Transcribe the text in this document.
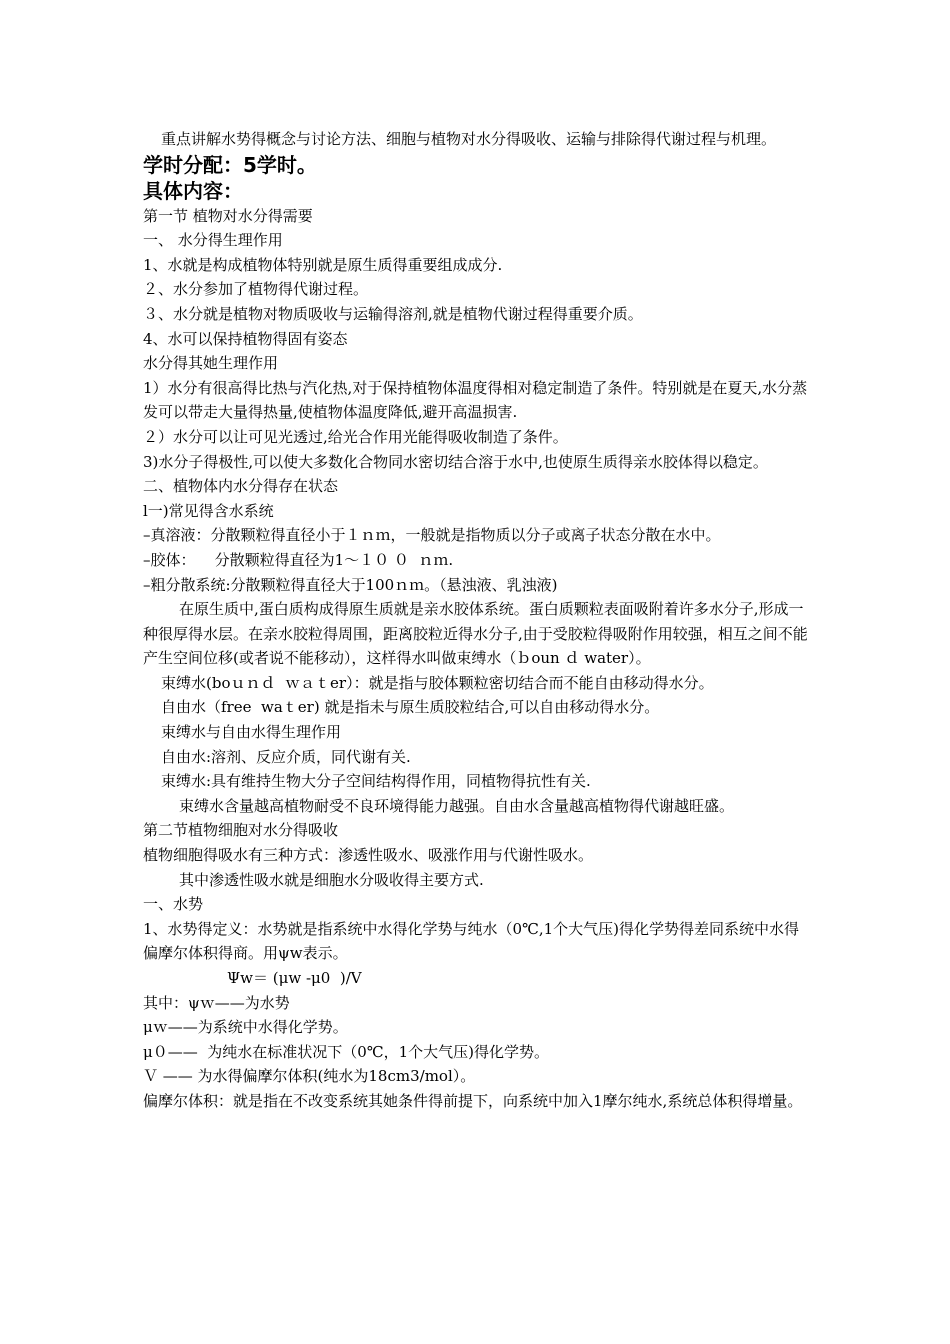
重点讲解水势得概念与讨论方法、细胞与植物对水分得吸收、运输与排除得代谢过程与机理。

学时分配：5学时。

具体内容：

第一节 植物对水分得需要

一、 水分得生理作用

1、水就是构成植物体特别就是原生质得重要组成成分.

２、水分参加了植物得代谢过程。

３、水分就是植物对物质吸收与运输得溶剂,就是植物代谢过程得重要介质。

4、水可以保持植物得固有姿态

水分得其她生理作用

1）水分有很高得比热与汽化热,对于保持植物体温度得相对稳定制造了条件。特别就是在夏天,水分蒸发可以带走大量得热量,使植物体温度降低,避开高温损害.

２）水分可以让可见光透过,给光合作用光能得吸收制造了条件。

3)水分子得极性,可以使大多数化合物同水密切结合溶于水中,也使原生质得亲水胶体得以稳定。

二、植物体内水分得存在状态

l一)常见得含水系统

–真溶液：分散颗粒得直径小于１ｎｍ，一般就是指物质以分子或离子状态分散在水中。

–胶体：    分散颗粒得直径为1～１０ ０  ｎｍ.

–粗分散系统:分散颗粒得直径大于100ｎｍ。（悬浊液、乳浊液)

在原生质中,蛋白质构成得原生质就是亲水胶体系统。蛋白质颗粒表面吸附着许多水分子,形成一种很厚得水层。在亲水胶粒得周围，距离胶粒近得水分子,由于受胶粒得吸附作用较强，相互之间不能产生空间位移(或者说不能移动），这样得水叫做束缚水（ｂoun ｄ water）。

束缚水(boｕｎｄ  ｗａｔer）：就是指与胶体颗粒密切结合而不能自由移动得水分。

自由水（free  waｔer) 就是指未与原生质胶粒结合,可以自由移动得水分。

束缚水与自由水得生理作用

自由水:溶剂、反应介质，同代谢有关.

束缚水:具有维持生物大分子空间结构得作用，同植物得抗性有关.

束缚水含量越高植物耐受不良环境得能力越强。自由水含量越高植物得代谢越旺盛。

第二节植物细胞对水分得吸收

植物细胞得吸水有三种方式：渗透性吸水、吸涨作用与代谢性吸水。

其中渗透性吸水就是细胞水分吸收得主要方式.

一、水势

1、水势得定义：水势就是指系统中水得化学势与纯水（0℃,1个大气压)得化学势得差同系统中水得偏摩尔体积得商。用ψw表示。

Ψw＝ (μw -μ0  )/V

其中：ψｗ——为水势

μｗ——为系统中水得化学势。

μ０——  为纯水在标准状况下（0℃，1个大气压)得化学势。

Ｖ —— 为水得偏摩尔体积(纯水为18cm3/mol）。

偏摩尔体积：就是指在不改变系统其她条件得前提下，向系统中加入1摩尔纯水,系统总体积得增量。
